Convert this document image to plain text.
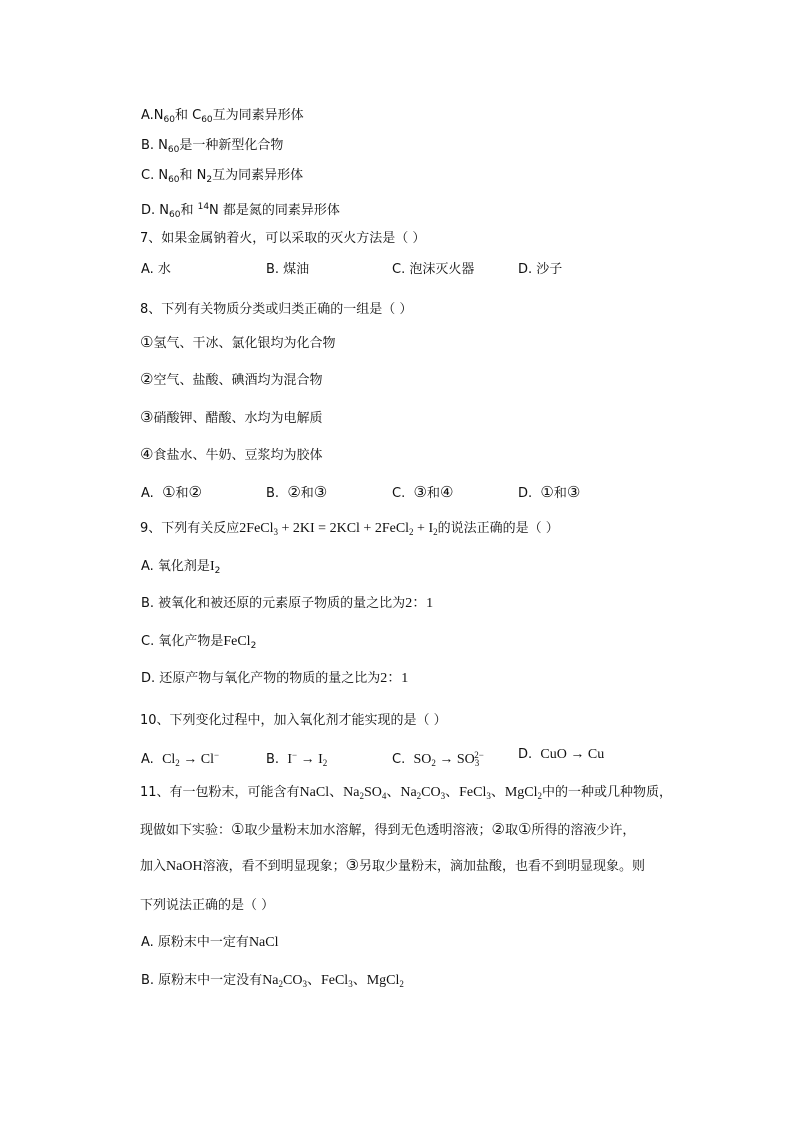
$A.N_{60}$和 $C_{60}$互为同素异形体
B. $N_{60}$是一种新型化合物
C. $N_{60}$和 $N_2$互为同素异形体
D. $N_{60}$和 $^{14}$N 都是氮的同素异形体
7、如果金属钠着火，可以采取的灭火方法是（ ）
A. 水	B. 煤油	C. 泡沫灭火器	D. 沙子
8、下列有关物质分类或归类正确的一组是（ ）
①氢气、干冰、氯化银均为化合物
②空气、盐酸、碘酒均为混合物
③硝酸钾、醋酸、水均为电解质
④食盐水、牛奶、豆浆均为胶体
A. ①和②	B. ②和③	C. ③和④	D. ①和③
9、下列有关反应2FeCl$_3$ + 2KI = 2KCl + 2FeCl$_2$ + $I_2$的说法正确的是（ ）
A. 氧化剂是$I_2$
B. 被氧化和被还原的元素原子物质的量之比为2：1
C. 氧化产物是FeCl$_2$
D. 还原产物与氧化产物的物质的量之比为2：1
10、下列变化过程中，加入氧化剂才能实现的是（ ）
A. $Cl_2 \to Cl^-$	B. $I^- \to I_2$	C. $SO_2 \to SO_3^{2-}$	D. CuO → Cu
11、有一包粉末，可能含有NaCl、$Na_2SO_4$、$Na_2CO_3$、FeCl$_3$、MgCl$_2$中的一种或几种物质，
现做如下实验：①取少量粉末加水溶解，得到无色透明溶液；②取①所得的溶液少许，
加入NaOH溶液，看不到明显现象；③另取少量粉末，滴加盐酸，也看不到明显现象。则
下列说法正确的是（ ）
A. 原粉末中一定有NaCl
B. 原粉末中一定没有$Na_2CO_3$、FeCl$_3$、MgCl$_2$
